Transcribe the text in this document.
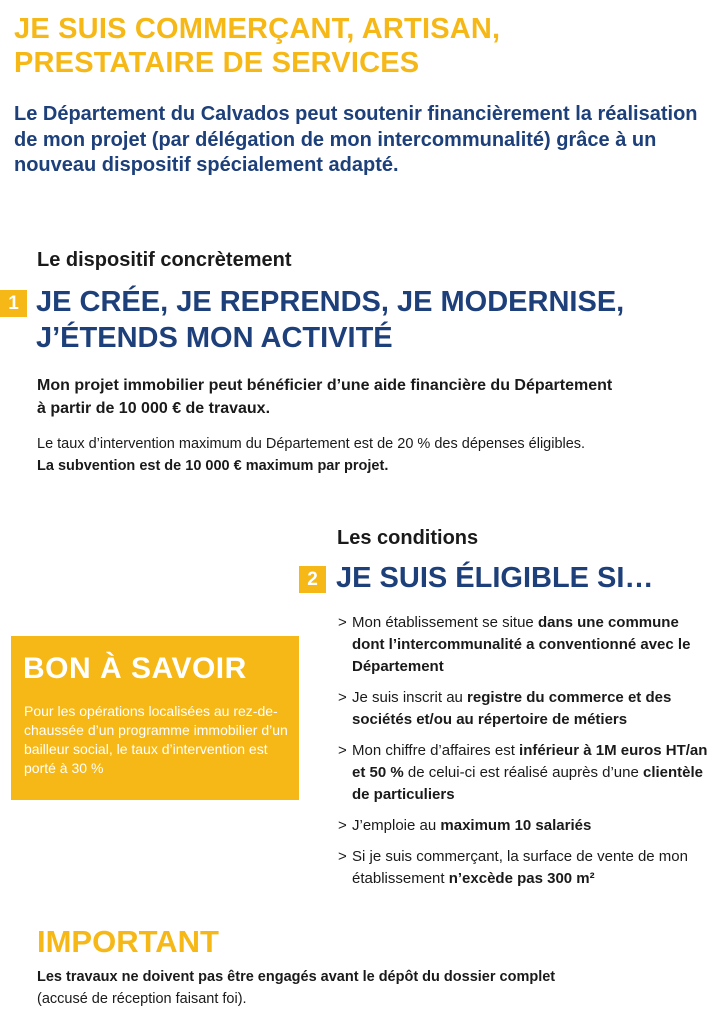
JE SUIS COMMERÇANT, ARTISAN,
PRESTATAIRE DE SERVICES

Le Département du Calvados peut soutenir financièrement la réalisation de mon projet (par délégation de mon intercommunalité) grâce à un nouveau dispositif spécialement adapté.

Le dispositif concrètement

1 JE CRÉE, JE REPRENDS, JE MODERNISE,
J’ÉTENDS MON ACTIVITÉ

Mon projet immobilier peut bénéficier d’une aide financière du Département
à partir de 10 000 € de travaux.

Le taux d’intervention maximum du Département est de 20 % des dépenses éligibles.
La subvention est de 10 000 € maximum par projet.

Les conditions

2 JE SUIS ÉLIGIBLE SI…
> Mon établissement se situe dans une commune dont l’intercommunalité a conventionné avec le Département
> Je suis inscrit au registre du commerce et des sociétés et/ou au répertoire de métiers
> Mon chiffre d’affaires est inférieur à 1M euros HT/an et 50 % de celui-ci est réalisé auprès d’une clientèle de particuliers
> J’emploie au maximum 10 salariés
> Si je suis commerçant, la surface de vente de mon établissement n’excède pas 300 m²
BON À SAVOIR

Pour les opérations localisées au rez-de-chaussée d’un programme immobilier d’un bailleur social, le taux d’intervention est porté à 30 %

IMPORTANT

Les travaux ne doivent pas être engagés avant le dépôt du dossier complet
(accusé de réception faisant foi).
